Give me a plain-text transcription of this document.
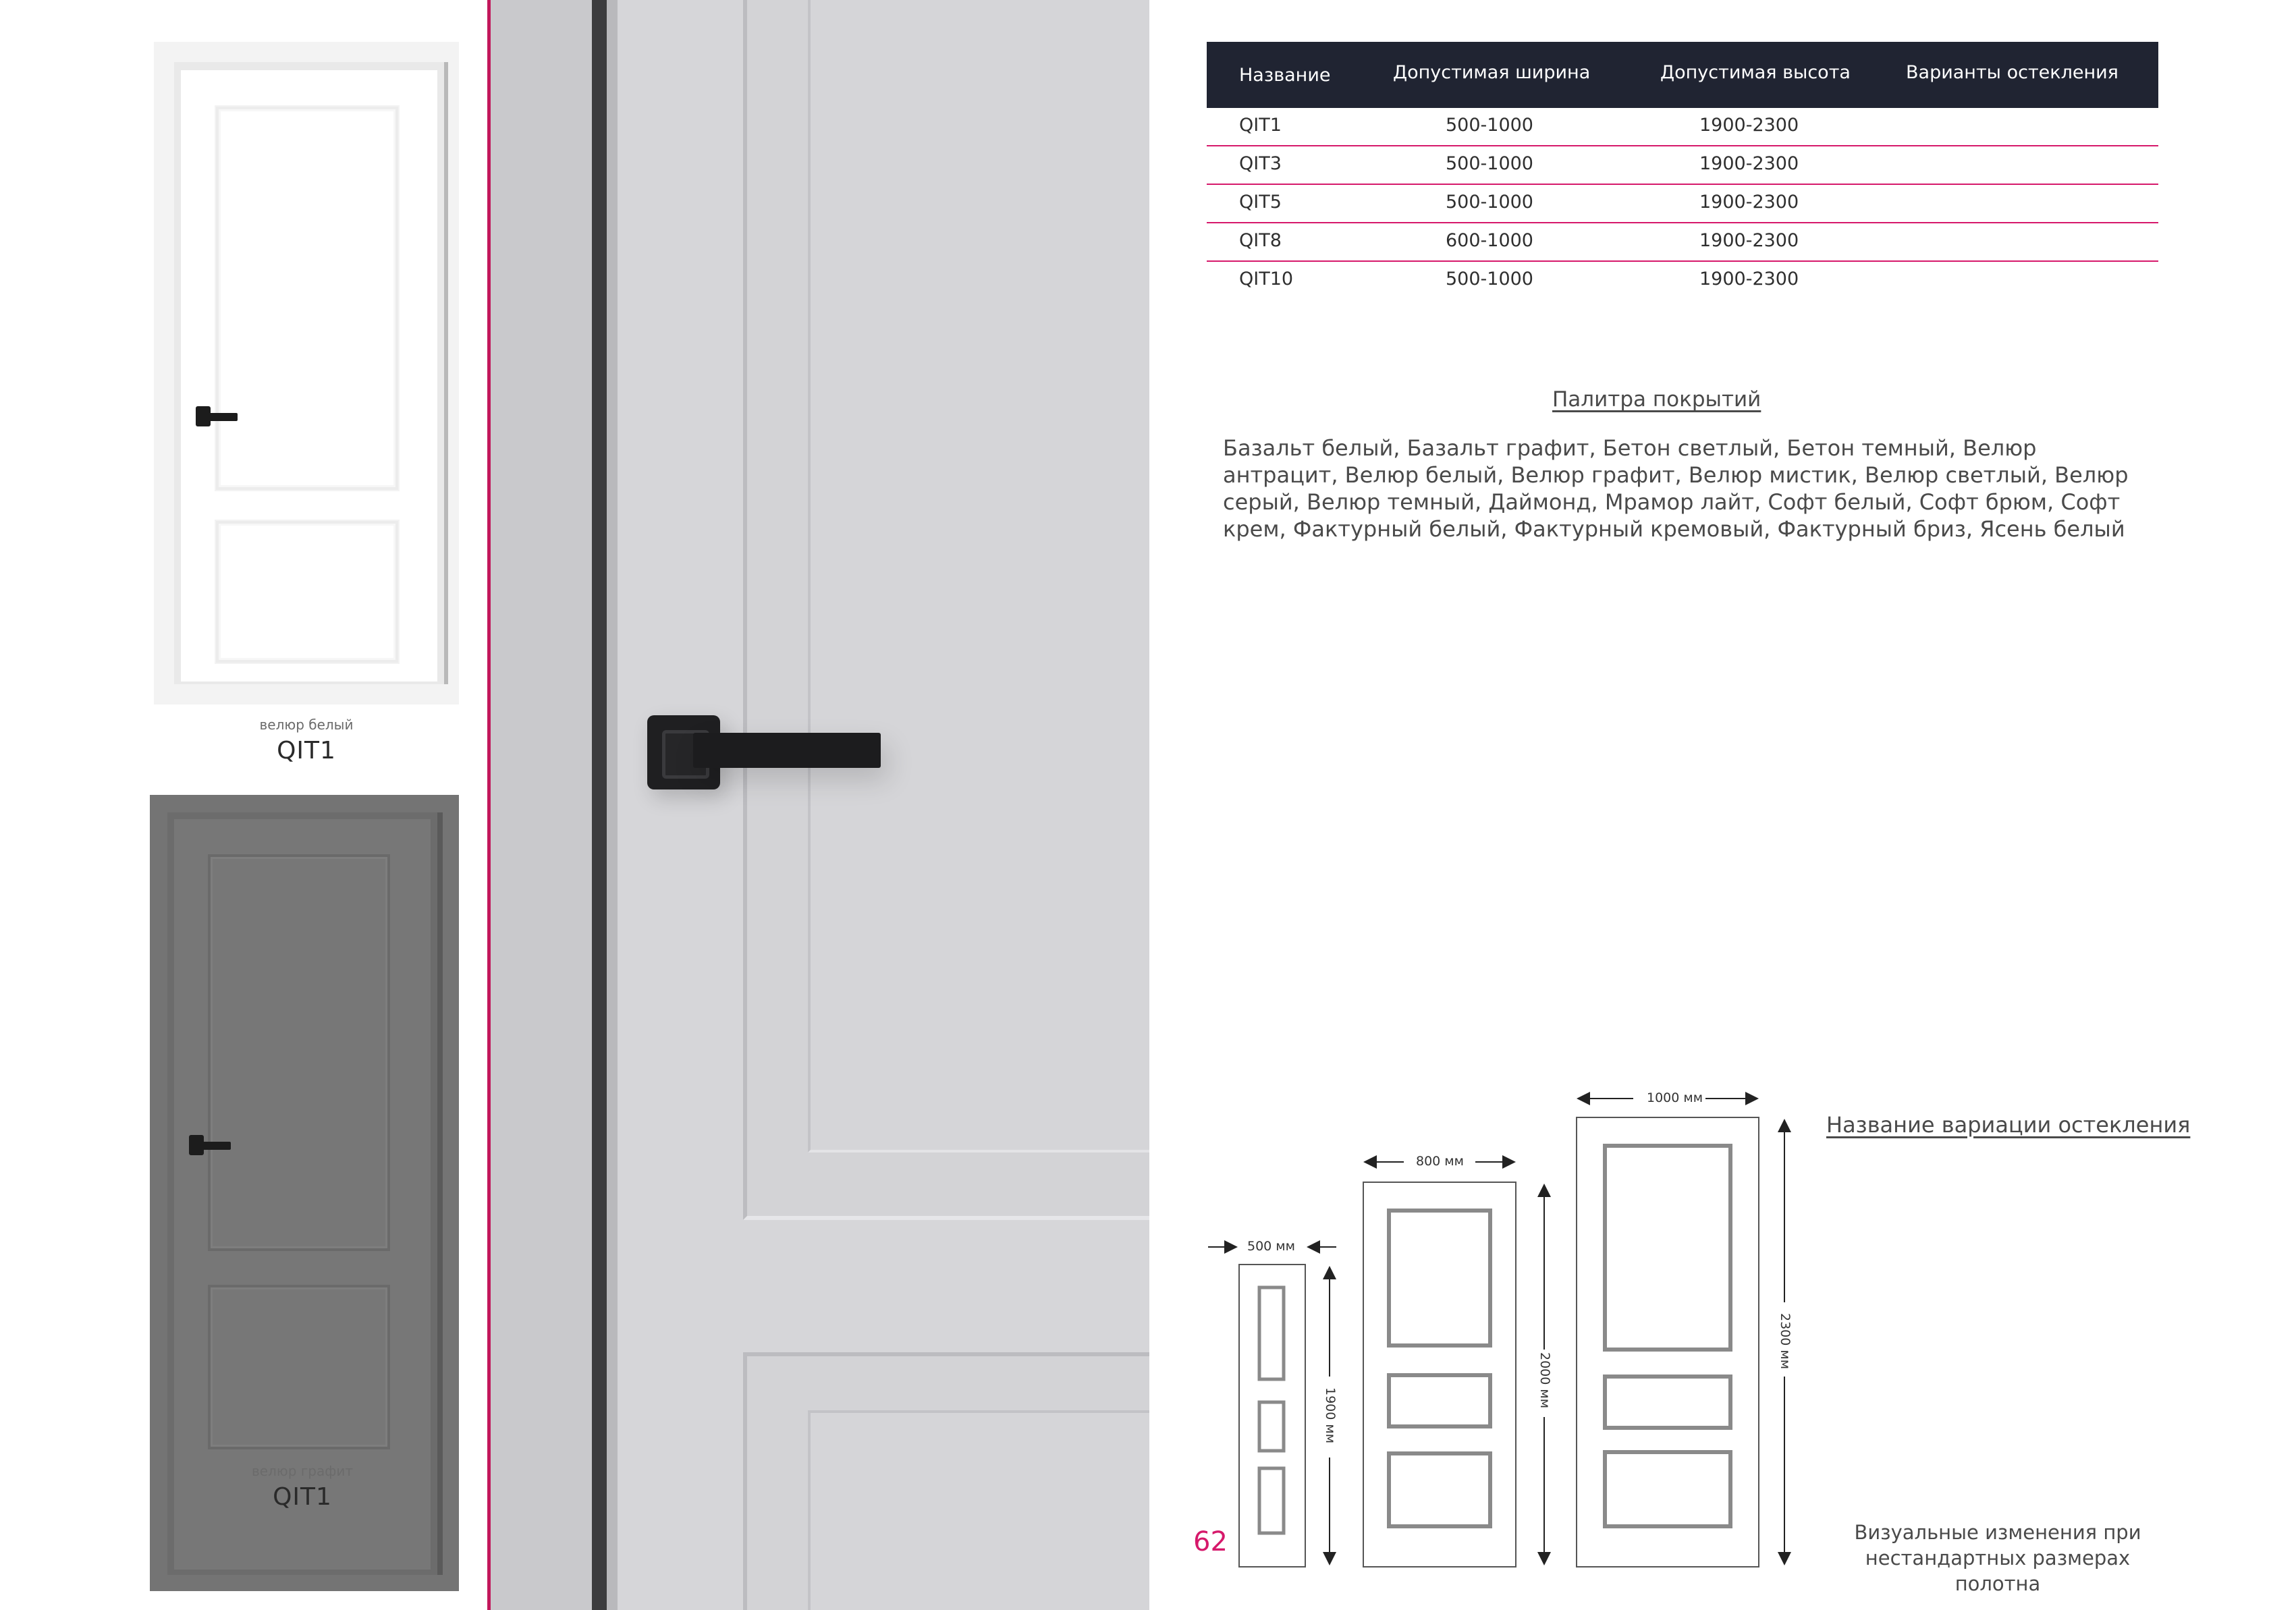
велюр белый
QIT1
велюр графит
QIT1
Название	Допустимая ширина	Допустимая высота	Варианты остекления
QIT1	500-1000	1900-2300
QIT3	500-1000	1900-2300
QIT5	500-1000	1900-2300
QIT8	600-1000	1900-2300
QIT10	500-1000	1900-2300
Палитра покрытий
Базальт белый, Базальт графит, Бетон светлый, Бетон темный, Велюр антрацит, Велюр белый, Велюр графит, Велюр мистик, Велюр светлый, Велюр серый, Велюр темный, Даймонд, Мрамор лайт, Софт белый, Софт брюм, Софт крем, Фактурный белый, Фактурный кремовый, Фактурный бриз, Ясень белый
500 мм
800 мм
1000 мм
1900 мм
2000 мм
2300 мм
Название вариации остекления
Визуальные изменения при нестандартных размерах полотна
62
